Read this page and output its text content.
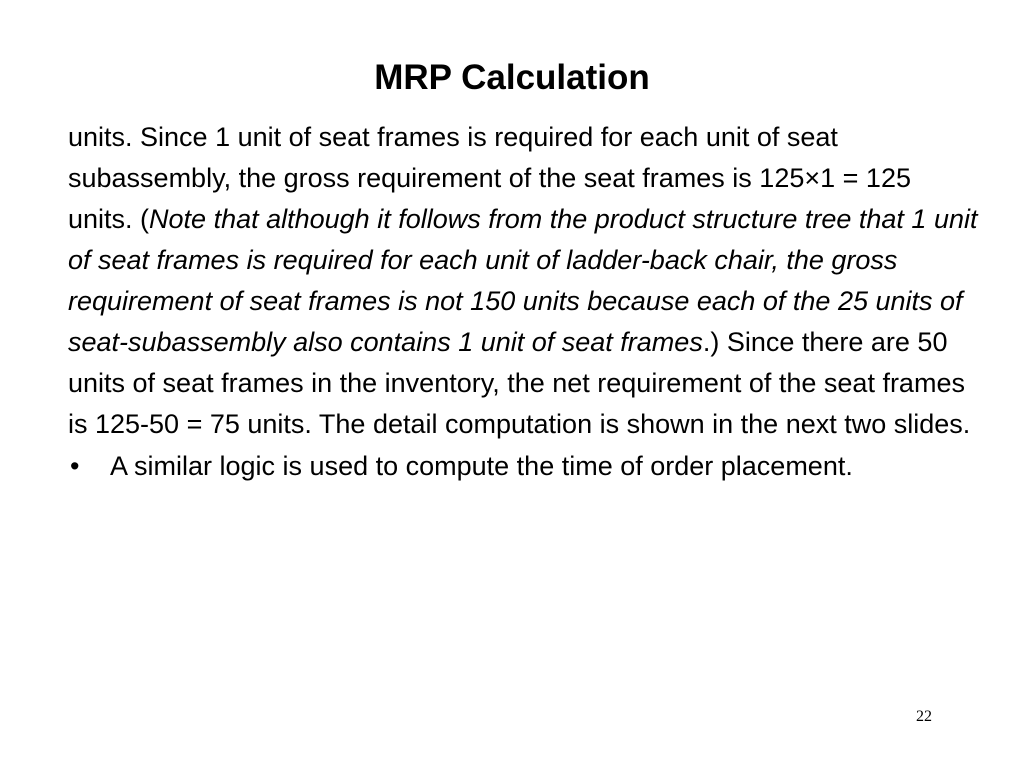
MRP Calculation

units. Since 1 unit of seat frames is required for each unit of seat subassembly, the gross requirement of the seat frames is 125×1 = 125 units. (Note that although it follows from the product structure tree that 1 unit of seat frames is required for each unit of ladder-back chair, the gross requirement of seat frames is not 150 units because each of the 25 units of seat-subassembly also contains 1 unit of seat frames.) Since there are 50 units of seat frames in the inventory, the net requirement of the seat frames is 125-50 = 75 units. The detail computation is shown in the next two slides.

•	A similar logic is used to compute the time of order placement.
22
